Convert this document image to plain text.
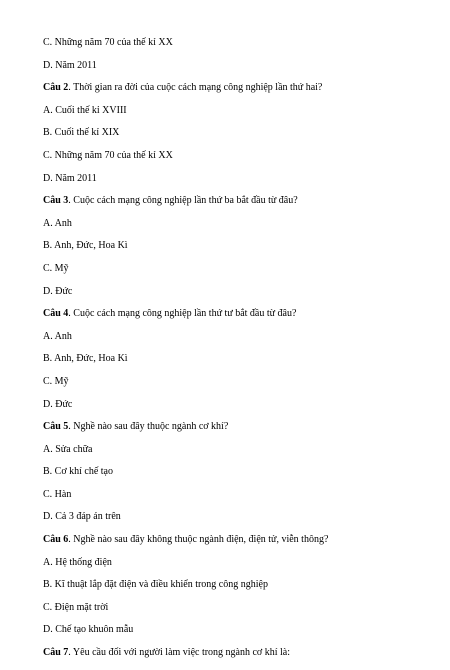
C. Những năm 70 của thế kỉ XX
D. Năm 2011
Câu 2. Thời gian ra đời của cuộc cách mạng công nghiệp lần thứ hai?
A. Cuối thế kỉ XVIII
B. Cuối thế kỉ XIX
C. Những năm 70 của thế kỉ XX
D. Năm 2011
Câu 3. Cuộc cách mạng công nghiệp lần thứ ba bắt đầu từ đâu?
A. Anh
B. Anh, Đức, Hoa Kì
C. Mỹ
D. Đức
Câu 4. Cuộc cách mạng công nghiệp lần thứ tư bắt đầu từ đâu?
A. Anh
B. Anh, Đức, Hoa Kì
C. Mỹ
D. Đức
Câu 5. Nghề nào sau đây thuộc ngành cơ khí?
A. Sửa chữa
B. Cơ khí chế tạo
C. Hàn
D. Cả 3 đáp án trên
Câu 6. Nghề nào sau đây không thuộc ngành điện, điện tử, viễn thông?
A. Hệ thống điện
B. Kĩ thuật lắp đặt điện và điều khiển trong công nghiệp
C. Điện mặt trời
D. Chế tạo khuôn mẫu
Câu 7. Yêu cầu đối với người làm việc trong ngành cơ khí là:
